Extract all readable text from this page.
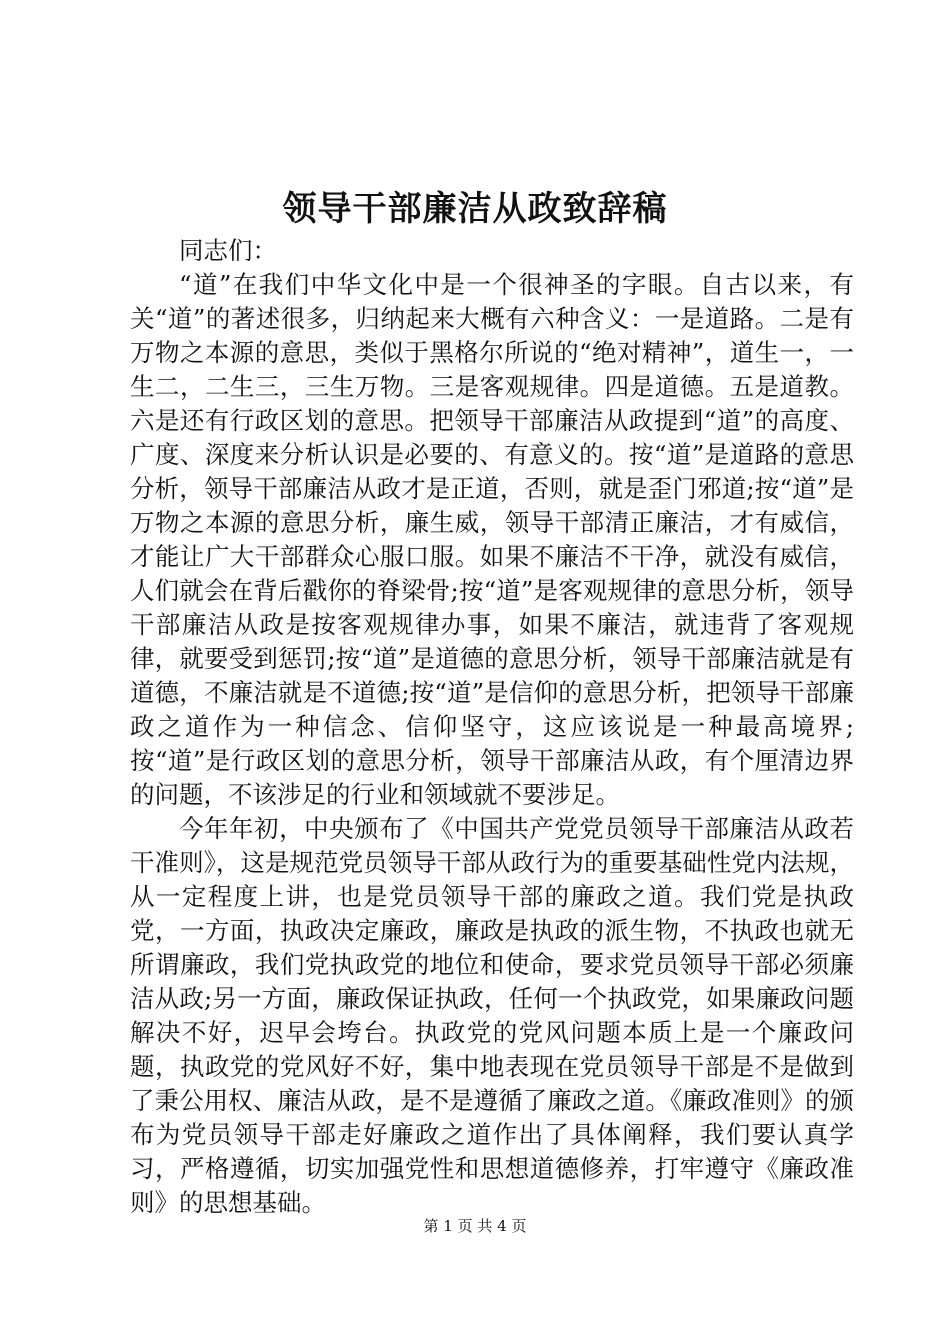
领导干部廉洁从政致辞稿

同志们：

“道”在我们中华文化中是一个很神圣的字眼。自古以来，有关“道”的著述很多，归纳起来大概有六种含义：一是道路。二是有万物之本源的意思，类似于黑格尔所说的“绝对精神”，道生一，一生二，二生三，三生万物。三是客观规律。四是道德。五是道教。六是还有行政区划的意思。把领导干部廉洁从政提到“道”的高度、广度、深度来分析认识是必要的、有意义的。按“道”是道路的意思分析，领导干部廉洁从政才是正道，否则，就是歪门邪道;按“道”是万物之本源的意思分析，廉生威，领导干部清正廉洁，才有威信，才能让广大干部群众心服口服。如果不廉洁不干净，就没有威信，人们就会在背后戳你的脊梁骨;按“道”是客观规律的意思分析，领导干部廉洁从政是按客观规律办事，如果不廉洁，就违背了客观规律，就要受到惩罚;按“道”是道德的意思分析，领导干部廉洁就是有道德，不廉洁就是不道德;按“道”是信仰的意思分析，把领导干部廉政之道作为一种信念、信仰坚守，这应该说是一种最高境界;按“道”是行政区划的意思分析，领导干部廉洁从政，有个厘清边界的问题，不该涉足的行业和领域就不要涉足。

今年年初，中央颁布了《中国共产党党员领导干部廉洁从政若干准则》，这是规范党员领导干部从政行为的重要基础性党内法规，从一定程度上讲，也是党员领导干部的廉政之道。我们党是执政党，一方面，执政决定廉政，廉政是执政的派生物，不执政也就无所谓廉政，我们党执政党的地位和使命，要求党员领导干部必须廉洁从政;另一方面，廉政保证执政，任何一个执政党，如果廉政问题解决不好，迟早会垮台。执政党的党风问题本质上是一个廉政问题，执政党的党风好不好，集中地表现在党员领导干部是不是做到了秉公用权、廉洁从政，是不是遵循了廉政之道。《廉政准则》的颁布为党员领导干部走好廉政之道作出了具体阐释，我们要认真学习，严格遵循，切实加强党性和思想道德修养，打牢遵守《廉政准则》的思想基础。

第 1 页 共 4 页
